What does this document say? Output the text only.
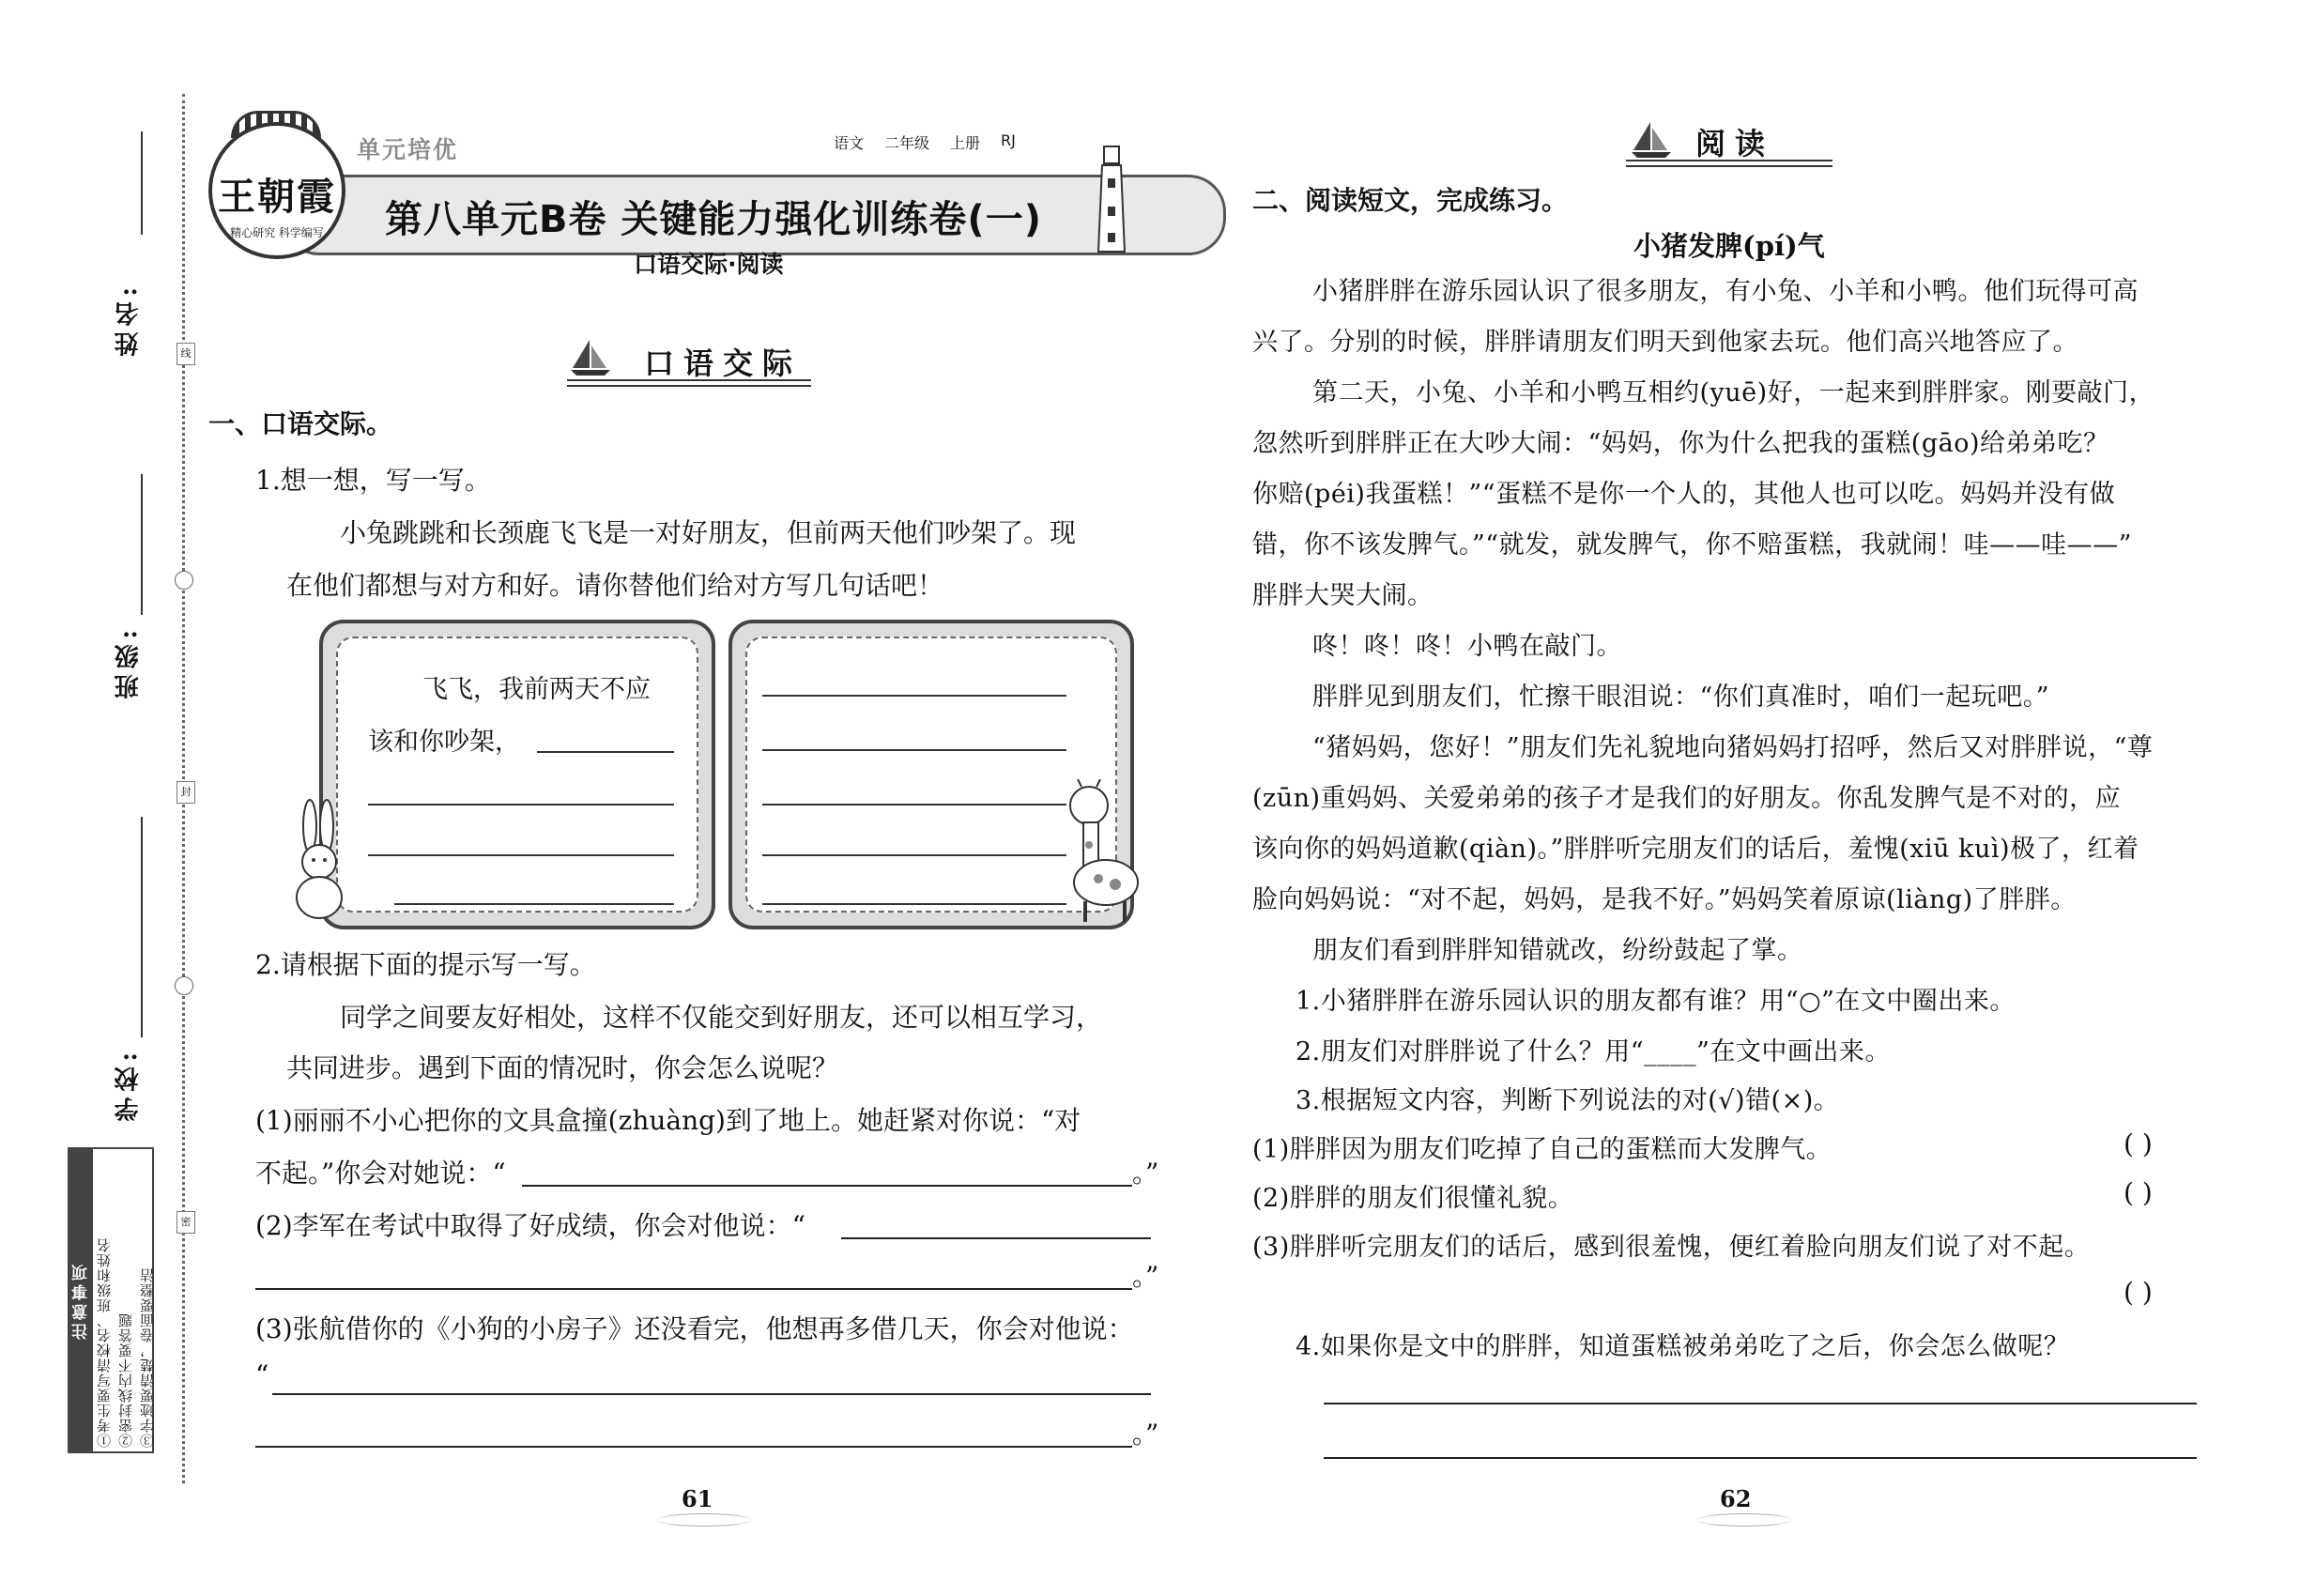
姓名:
班级:
学校:
线
封
密
注意事项 ①考生要写清校名、班级和姓名 ②密封线内不要答题 ③字迹要清楚，卷面要整洁
王朝霞
精心研究 科学编写
单元培优	语文 二年级 上册 RJ
第八单元B卷 关键能力强化训练卷(一)
口语交际·阅读
口语交际
一、口语交际。
1.想一想，写一写。
小兔跳跳和长颈鹿飞飞是一对好朋友，但前两天他们吵架了。现
在他们都想与对方和好。请你替他们给对方写几句话吧！
飞飞，我前两天不应
该和你吵架，
2.请根据下面的提示写一写。
同学之间要友好相处，这样不仅能交到好朋友，还可以相互学习，
共同进步。遇到下面的情况时，你会怎么说呢？
(1)丽丽不小心把你的文具盒撞(zhuàng)到了地上。她赶紧对你说：“对
不起。”你会对她说：“	。”
(2)李军在考试中取得了好成绩，你会对他说：“
。”
(3)张航借你的《小狗的小房子》还没看完，他想再多借几天，你会对他说：
“
。”
61
阅读
二、阅读短文，完成练习。
小猪发脾(pí)气
小猪胖胖在游乐园认识了很多朋友，有小兔、小羊和小鸭。他们玩得可高
兴了。分别的时候，胖胖请朋友们明天到他家去玩。他们高兴地答应了。
第二天，小兔、小羊和小鸭互相约(yuē)好，一起来到胖胖家。刚要敲门，
忽然听到胖胖正在大吵大闹：“妈妈，你为什么把我的蛋糕(gāo)给弟弟吃？
你赔(péi)我蛋糕！”“蛋糕不是你一个人的，其他人也可以吃。妈妈并没有做
错，你不该发脾气。”“就发，就发脾气，你不赔蛋糕，我就闹！哇——哇——”
胖胖大哭大闹。
咚！咚！咚！小鸭在敲门。
胖胖见到朋友们，忙擦干眼泪说：“你们真准时，咱们一起玩吧。”
“猪妈妈，您好！”朋友们先礼貌地向猪妈妈打招呼，然后又对胖胖说，“尊
(zūn)重妈妈、关爱弟弟的孩子才是我们的好朋友。你乱发脾气是不对的，应
该向你的妈妈道歉(qiàn)。”胖胖听完朋友们的话后，羞愧(xiū kuì)极了，红着
脸向妈妈说：“对不起，妈妈，是我不好。”妈妈笑着原谅(liàng)了胖胖。
朋友们看到胖胖知错就改，纷纷鼓起了掌。
1.小猪胖胖在游乐园认识的朋友都有谁？用“○”在文中圈出来。
2.朋友们对胖胖说了什么？用“____”在文中画出来。
3.根据短文内容，判断下列说法的对(√)错(×)。
(1)胖胖因为朋友们吃掉了自己的蛋糕而大发脾气。	( )
(2)胖胖的朋友们很懂礼貌。	( )
(3)胖胖听完朋友们的话后，感到很羞愧，便红着脸向朋友们说了对不起。
( )
4.如果你是文中的胖胖，知道蛋糕被弟弟吃了之后，你会怎么做呢？
62
